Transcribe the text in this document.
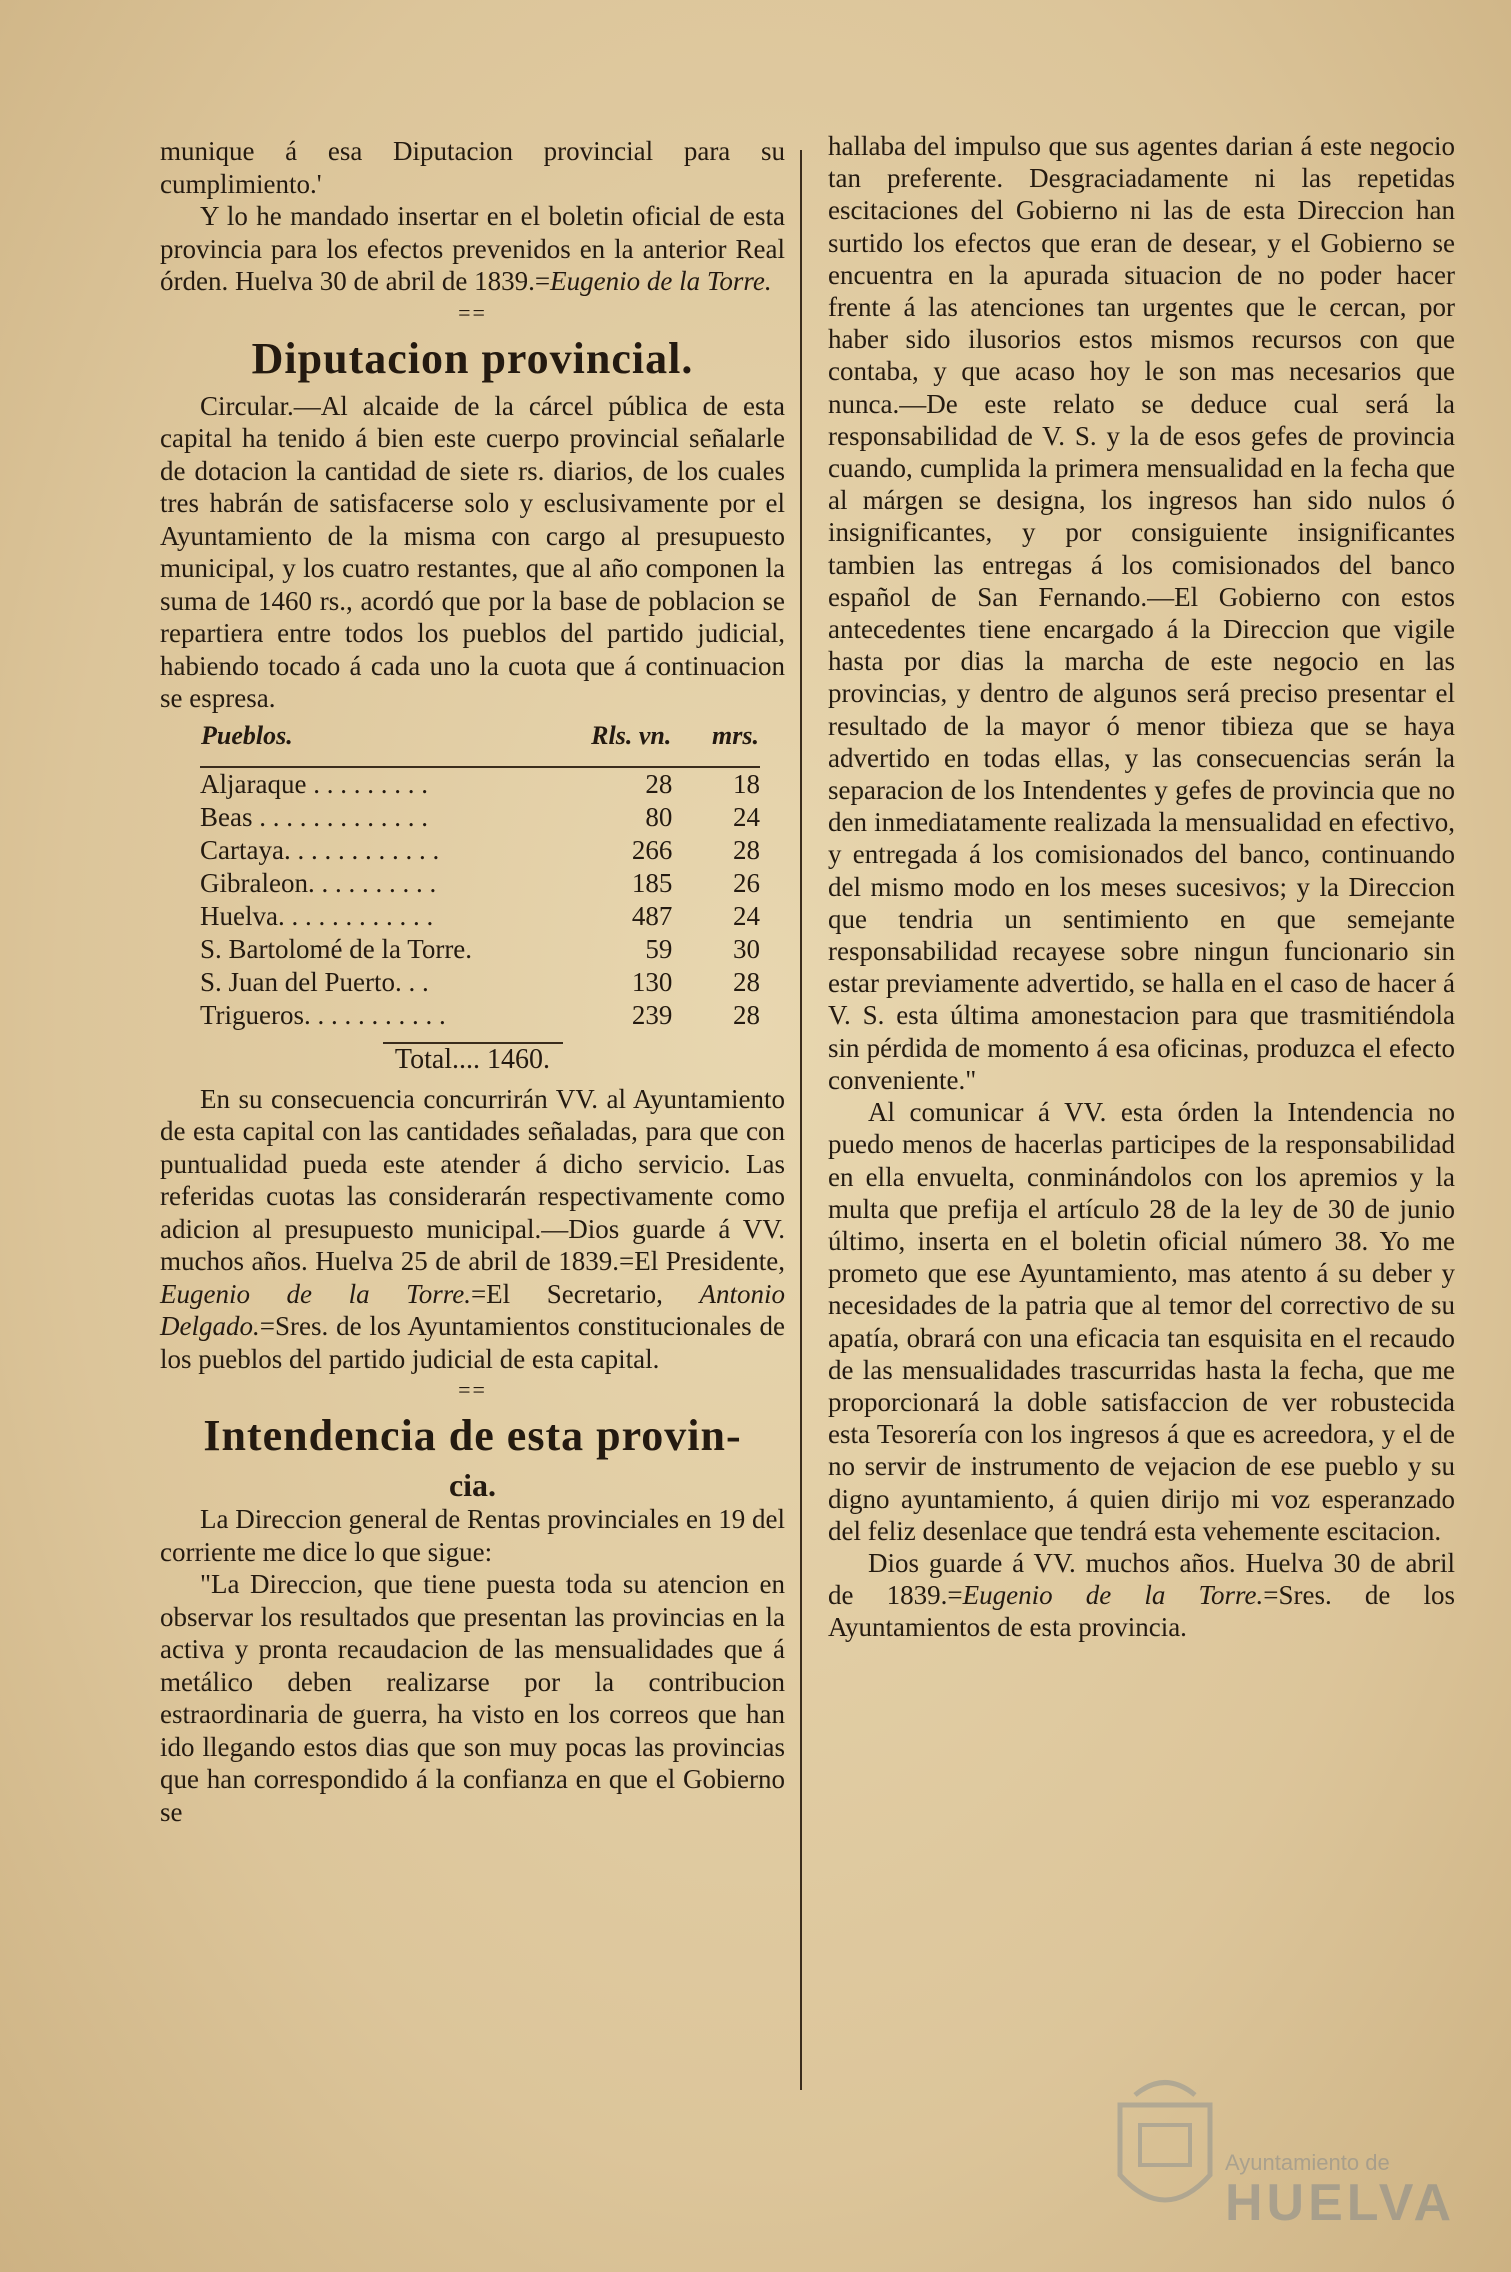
munique á esa Diputacion provincial para su cumplimiento.'

Y lo he mandado insertar en el boletin oficial de esta provincia para los efectos prevenidos en la anterior Real órden. Huelva 30 de abril de 1839.=Eugenio de la Torre.

==
Diputacion provincial.

Circular.—Al alcaide de la cárcel pública de esta capital ha tenido á bien este cuerpo provincial señalarle de dotacion la cantidad de siete rs. diarios, de los cuales tres habrán de satisfacerse solo y esclusivamente por el Ayuntamiento de la misma con cargo al presupuesto municipal, y los cuatro restantes, que al año componen la suma de 1460 rs., acordó que por la base de poblacion se repartiera entre todos los pueblos del partido judicial, habiendo tocado á cada uno la cuota que á continuacion se espresa.

Pueblos.	Rls. vn.	mrs.
Aljaraque . . . . . . . . .	28	18
Beas . . . . . . . . . . . . .	80	24
Cartaya. . . . . . . . . . . .	266	28
Gibraleon. . . . . . . . . .	185	26
Huelva. . . . . . . . . . . .	487	24
S. Bartolomé de la Torre.	59	30
S. Juan del Puerto. . .	130	28
Trigueros. . . . . . . . . . .	239	28
Total.... 1460.

En su consecuencia concurrirán VV. al Ayuntamiento de esta capital con las cantidades señaladas, para que con puntualidad pueda este atender á dicho servicio. Las referidas cuotas las considerarán respectivamente como adicion al presupuesto municipal.—Dios guarde á VV. muchos años. Huelva 25 de abril de 1839.=El Presidente, Eugenio de la Torre.=El Secretario, Antonio Delgado.=Sres. de los Ayuntamientos constitucionales de los pueblos del partido judicial de esta capital.

==
Intendencia de esta provin-
cia.

La Direccion general de Rentas provinciales en 19 del corriente me dice lo que sigue:

"La Direccion, que tiene puesta toda su atencion en observar los resultados que presentan las provincias en la activa y pronta recaudacion de las mensualidades que á metálico deben realizarse por la contribucion estraordinaria de guerra, ha visto en los correos que han ido llegando estos dias que son muy pocas las provincias que han correspondido á la confianza en que el Gobierno se

hallaba del impulso que sus agentes darian á este negocio tan preferente. Desgraciadamente ni las repetidas escitaciones del Gobierno ni las de esta Direccion han surtido los efectos que eran de desear, y el Gobierno se encuentra en la apurada situacion de no poder hacer frente á las atenciones tan urgentes que le cercan, por haber sido ilusorios estos mismos recursos con que contaba, y que acaso hoy le son mas necesarios que nunca.—De este relato se deduce cual será la responsabilidad de V. S. y la de esos gefes de provincia cuando, cumplida la primera mensualidad en la fecha que al márgen se designa, los ingresos han sido nulos ó insignificantes, y por consiguiente insignificantes tambien las entregas á los comisionados del banco español de San Fernando.—El Gobierno con estos antecedentes tiene encargado á la Direccion que vigile hasta por dias la marcha de este negocio en las provincias, y dentro de algunos será preciso presentar el resultado de la mayor ó menor tibieza que se haya advertido en todas ellas, y las consecuencias serán la separacion de los Intendentes y gefes de provincia que no den inmediatamente realizada la mensualidad en efectivo, y entregada á los comisionados del banco, continuando del mismo modo en los meses sucesivos; y la Direccion que tendria un sentimiento en que semejante responsabilidad recayese sobre ningun funcionario sin estar previamente advertido, se halla en el caso de hacer á V. S. esta última amonestacion para que trasmitiéndola sin pérdida de momento á esa oficinas, produzca el efecto conveniente."

Al comunicar á VV. esta órden la Intendencia no puedo menos de hacerlas participes de la responsabilidad en ella envuelta, conminándolos con los apremios y la multa que prefija el artículo 28 de la ley de 30 de junio último, inserta en el boletin oficial número 38. Yo me prometo que ese Ayuntamiento, mas atento á su deber y necesidades de la patria que al temor del correctivo de su apatía, obrará con una eficacia tan esquisita en el recaudo de las mensualidades trascurridas hasta la fecha, que me proporcionará la doble satisfaccion de ver robustecida esta Tesorería con los ingresos á que es acreedora, y el de no servir de instrumento de vejacion de ese pueblo y su digno ayuntamiento, á quien dirijo mi voz esperanzado del feliz desenlace que tendrá esta vehemente escitacion.

Dios guarde á VV. muchos años. Huelva 30 de abril de 1839.=Eugenio de la Torre.=Sres. de los Ayuntamientos de esta provincia.

Ayuntamiento de
HUELVA
